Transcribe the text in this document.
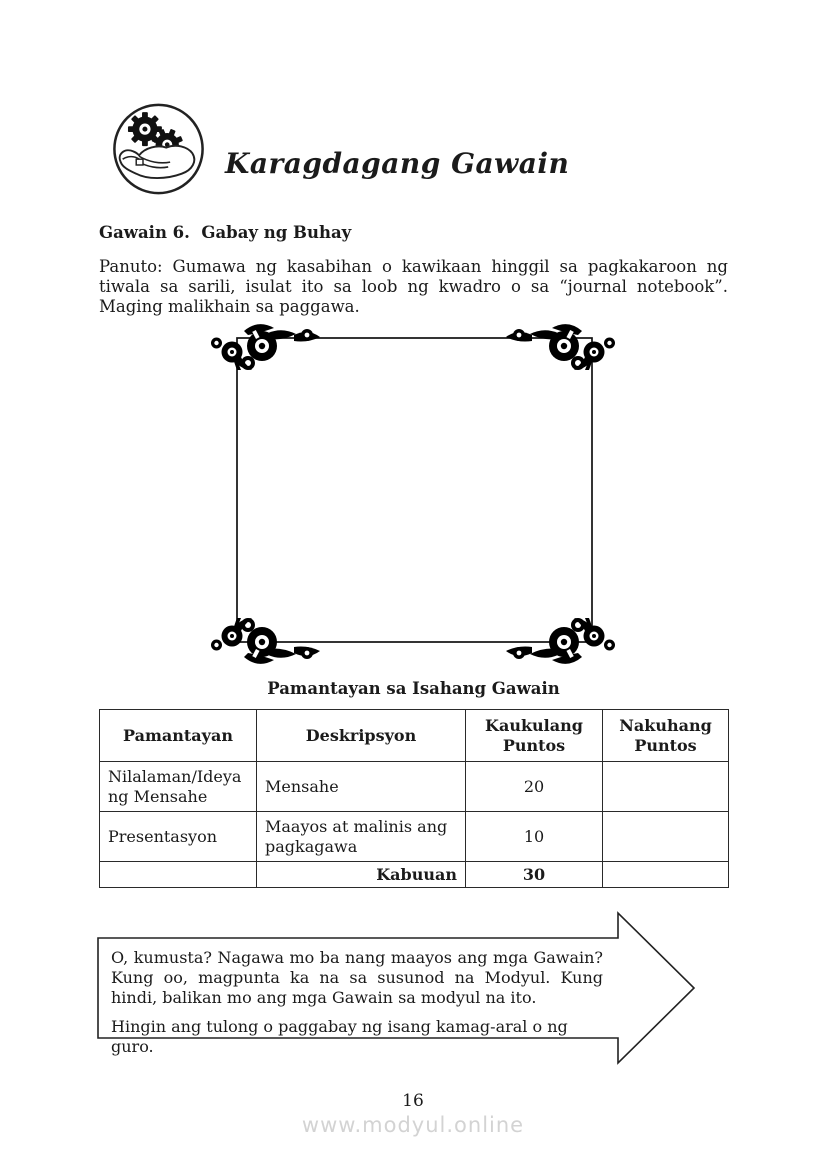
Karagdagang Gawain
Gawain 6.  Gabay ng Buhay

Panuto: Gumawa ng kasabihan o kawikaan hinggil sa pagkakaroon ng tiwala sa sarili, isulat ito sa loob ng kwadro o sa “journal notebook”.  Maging malikhain sa paggawa.

Pamantayan sa Isahang Gawain
Pamantayan	Deskripsyon	Kaukulang Puntos	Nakuhang Puntos
Nilalaman/Ideya ng Mensahe	Mensahe	20	
Presentasyon	Maayos at malinis ang pagkagawa	10	
	Kabuuan	30	

O, kumusta? Nagawa mo ba nang maayos ang mga Gawain? Kung oo, magpunta ka na sa susunod na Modyul. Kung hindi, balikan mo ang mga Gawain sa modyul na ito.

Hingin ang tulong o paggabay ng isang kamag-aral o ng guro.

16
www.modyul.online
